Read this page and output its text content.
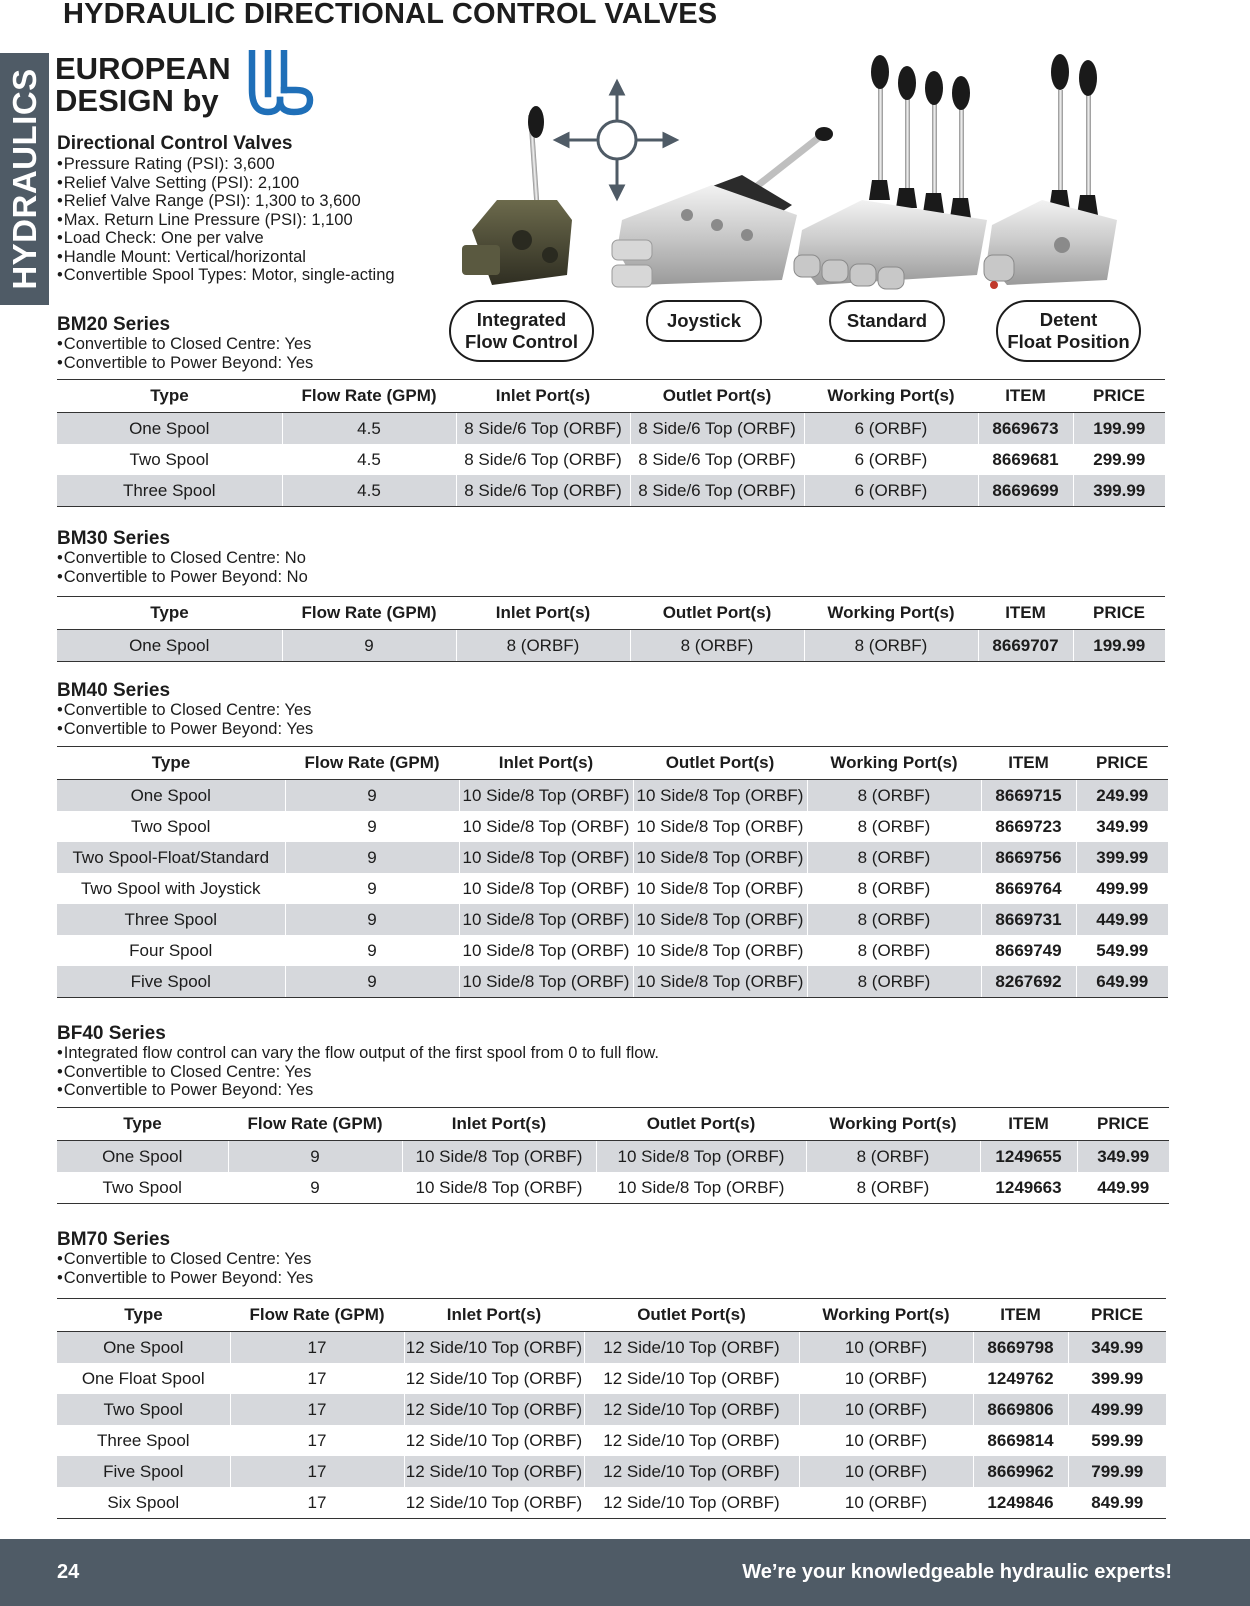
HYDRAULIC DIRECTIONAL CONTROL VALVES
HYDRAULICS EUROPEAN
DESIGN by
Directional Control Valves
• Pressure Rating (PSI): 3,600
• Relief Valve Setting (PSI): 2,100
• Relief Valve Range (PSI): 1,300 to 3,600
• Max. Return Line Pressure (PSI): 1,100
• Load Check: One per valve
• Handle Mount: Vertical/horizontal
• Convertible Spool Types: Motor, single-acting
Integrated
Flow Control
Joystick	Standard	Detent
Float Position
BM20 Series
• Convertible to Closed Centre: Yes
• Convertible to Power Beyond: Yes
Type	Flow Rate (GPM)	Inlet Port(s)	Outlet Port(s)	Working Port(s)	ITEM	PRICE
One Spool	4.5	8 Side/6 Top (ORBF)	8 Side/6 Top (ORBF)	6 (ORBF)	8669673	199.99
Two Spool	4.5	8 Side/6 Top (ORBF)	8 Side/6 Top (ORBF)	6 (ORBF)	8669681	299.99
Three Spool	4.5	8 Side/6 Top (ORBF)	8 Side/6 Top (ORBF)	6 (ORBF)	8669699	399.99
BM30 Series
• Convertible to Closed Centre: No
• Convertible to Power Beyond: No
Type	Flow Rate (GPM)	Inlet Port(s)	Outlet Port(s)	Working Port(s)	ITEM	PRICE
One Spool	9	8 (ORBF)	8 (ORBF)	8 (ORBF)	8669707	199.99
BM40 Series
• Convertible to Closed Centre: Yes
• Convertible to Power Beyond: Yes
Type	Flow Rate (GPM)	Inlet Port(s)	Outlet Port(s)	Working Port(s)	ITEM	PRICE
One Spool	9	10 Side/8 Top (ORBF)	10 Side/8 Top (ORBF)	8 (ORBF)	8669715	249.99
Two Spool	9	10 Side/8 Top (ORBF)	10 Side/8 Top (ORBF)	8 (ORBF)	8669723	349.99
Two Spool-Float/Standard	9	10 Side/8 Top (ORBF)	10 Side/8 Top (ORBF)	8 (ORBF)	8669756	399.99
Two Spool with Joystick	9	10 Side/8 Top (ORBF)	10 Side/8 Top (ORBF)	8 (ORBF)	8669764	499.99
Three Spool	9	10 Side/8 Top (ORBF)	10 Side/8 Top (ORBF)	8 (ORBF)	8669731	449.99
Four Spool	9	10 Side/8 Top (ORBF)	10 Side/8 Top (ORBF)	8 (ORBF)	8669749	549.99
Five Spool	9	10 Side/8 Top (ORBF)	10 Side/8 Top (ORBF)	8 (ORBF)	8267692	649.99
BF40 Series
• Integrated flow control can vary the flow output of the first spool from 0 to full flow.
• Convertible to Closed Centre: Yes
• Convertible to Power Beyond: Yes
Type	Flow Rate (GPM)	Inlet Port(s)	Outlet Port(s)	Working Port(s)	ITEM	PRICE
One Spool	9	10 Side/8 Top (ORBF)	10 Side/8 Top (ORBF)	8 (ORBF)	1249655	349.99
Two Spool	9	10 Side/8 Top (ORBF)	10 Side/8 Top (ORBF)	8 (ORBF)	1249663	449.99
BM70 Series
• Convertible to Closed Centre: Yes
• Convertible to Power Beyond: Yes
Type	Flow Rate (GPM)	Inlet Port(s)	Outlet Port(s)	Working Port(s)	ITEM	PRICE
One Spool	17	12 Side/10 Top (ORBF)	12 Side/10 Top (ORBF)	10 (ORBF)	8669798	349.99
One Float Spool	17	12 Side/10 Top (ORBF)	12 Side/10 Top (ORBF)	10 (ORBF)	1249762	399.99
Two Spool	17	12 Side/10 Top (ORBF)	12 Side/10 Top (ORBF)	10 (ORBF)	8669806	499.99
Three Spool	17	12 Side/10 Top (ORBF)	12 Side/10 Top (ORBF)	10 (ORBF)	8669814	599.99
Five Spool	17	12 Side/10 Top (ORBF)	12 Side/10 Top (ORBF)	10 (ORBF)	8669962	799.99
Six Spool	17	12 Side/10 Top (ORBF)	12 Side/10 Top (ORBF)	10 (ORBF)	1249846	849.99
24	We’re your knowledgeable hydraulic experts!
